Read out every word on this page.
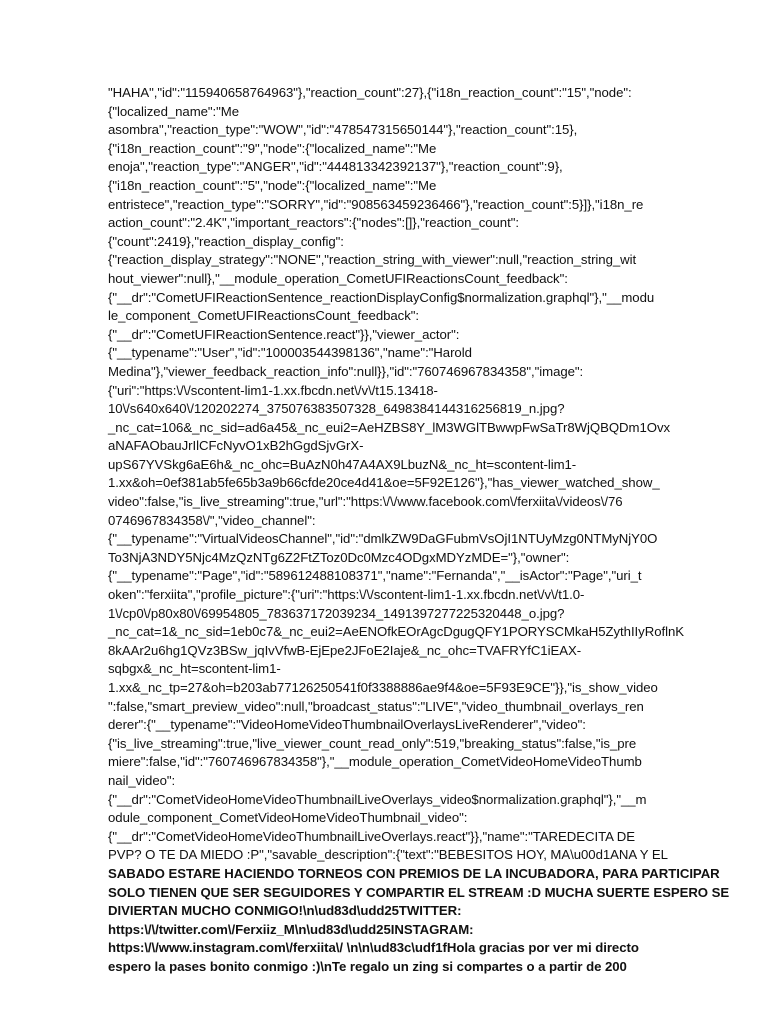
"HAHA","id":"115940658764963"},"reaction_count":27},{"i18n_reaction_count":"15","node":
{"localized_name":"Me
asombra","reaction_type":"WOW","id":"478547315650144"},"reaction_count":15},
{"i18n_reaction_count":"9","node":{"localized_name":"Me
enoja","reaction_type":"ANGER","id":"444813342392137"},"reaction_count":9},
{"i18n_reaction_count":"5","node":{"localized_name":"Me
entristece","reaction_type":"SORRY","id":"908563459236466"},"reaction_count":5}]},"i18n_re
action_count":"2.4K","important_reactors":{"nodes":[]},"reaction_count":
{"count":2419},"reaction_display_config":
{"reaction_display_strategy":"NONE","reaction_string_with_viewer":null,"reaction_string_wit
hout_viewer":null},"__module_operation_CometUFIReactionsCount_feedback":
{"__dr":"CometUFIReactionSentence_reactionDisplayConfig$normalization.graphql"},"__modu
le_component_CometUFIReactionsCount_feedback":
{"__dr":"CometUFIReactionSentence.react"}},"viewer_actor":
{"__typename":"User","id":"100003544398136","name":"Harold
Medina"},"viewer_feedback_reaction_info":null}},"id":"760746967834358","image":
{"uri":"https:\/\/scontent-lim1-1.xx.fbcdn.net\/v\/t15.13418-
10\/s640x640\/120202274_375076383507328_6498384144316256819_n.jpg?
_nc_cat=106&_nc_sid=ad6a45&_nc_eui2=AeHZBS8Y_lM3WGlTBwwpFwSaTr8WjQBQDm1Ovx
aNAFAObauJrIlCFcNyvO1xB2hGgdSjvGrX-
upS67YVSkg6aE6h&_nc_ohc=BuAzN0h47A4AX9LbuzN&_nc_ht=scontent-lim1-
1.xx&oh=0ef381ab5fe65b3a9b66cfde20ce4d41&oe=5F92E126"},"has_viewer_watched_show_
video":false,"is_live_streaming":true,"url":"https:\/\/www.facebook.com\/ferxiita\/videos\/76
0746967834358\/","video_channel":
{"__typename":"VirtualVideosChannel","id":"dmlkZW9DaGFubmVsOjI1NTUyMzg0NTMyNjY0O
To3NjA3NDY5Njc4MzQzNTg6Z2FtZToz0Dc0Mzc4ODgxMDYzMDE="},"owner":
{"__typename":"Page","id":"589612488108371","name":"Fernanda","__isActor":"Page","uri_t
oken":"ferxiita","profile_picture":{"uri":"https:\/\/scontent-lim1-1.xx.fbcdn.net\/v\/t1.0-
1\/cp0\/p80x80\/69954805_783637172039234_1491397277225320448_o.jpg?
_nc_cat=1&_nc_sid=1eb0c7&_nc_eui2=AeENOfkEOrAgcDgugQFY1PORYSCMkaH5ZythIIyRoflnK
8kAAr2u6hg1QVz3BSw_jqIvVfwB-EjEpe2JFoE2Iaje&_nc_ohc=TVAFRYfC1iEAX-
sqbgx&_nc_ht=scontent-lim1-
1.xx&_nc_tp=27&oh=b203ab77126250541f0f3388886ae9f4&oe=5F93E9CE"}},"is_show_video
":false,"smart_preview_video":null,"broadcast_status":"LIVE","video_thumbnail_overlays_ren
derer":{"__typename":"VideoHomeVideoThumbnailOverlaysLiveRenderer","video":
{"is_live_streaming":true,"live_viewer_count_read_only":519,"breaking_status":false,"is_pre
miere":false,"id":"760746967834358"},"__module_operation_CometVideoHomeVideoThumb
nail_video":
{"__dr":"CometVideoHomeVideoThumbnailLiveOverlays_video$normalization.graphql"},"__m
odule_component_CometVideoHomeVideoThumbnail_video":
{"__dr":"CometVideoHomeVideoThumbnailLiveOverlays.react"}},"name":"TAREDECITA DE
PVP? O TE DA MIEDO :P","savable_description":{"text":"BEBESITOS HOY, MA\u00d1ANA Y EL
SABADO ESTARE HACIENDO TORNEOS CON PREMIOS DE LA INCUBADORA, PARA PARTICIPAR
SOLO TIENEN QUE SER SEGUIDORES Y COMPARTIR EL STREAM :D MUCHA SUERTE ESPERO SE
DIVIERTAN MUCHO CONMIGO!\n\ud83d\udd25TWITTER:
https:\/\/twitter.com\/Ferxiiz_M\n\ud83d\udd25INSTAGRAM:
https:\/\/www.instagram.com\/ferxiita\/ \n\n\ud83c\udf1fHola gracias por ver mi directo
espero la pases bonito conmigo :)\nTe regalo un zing si compartes o a partir de 200
